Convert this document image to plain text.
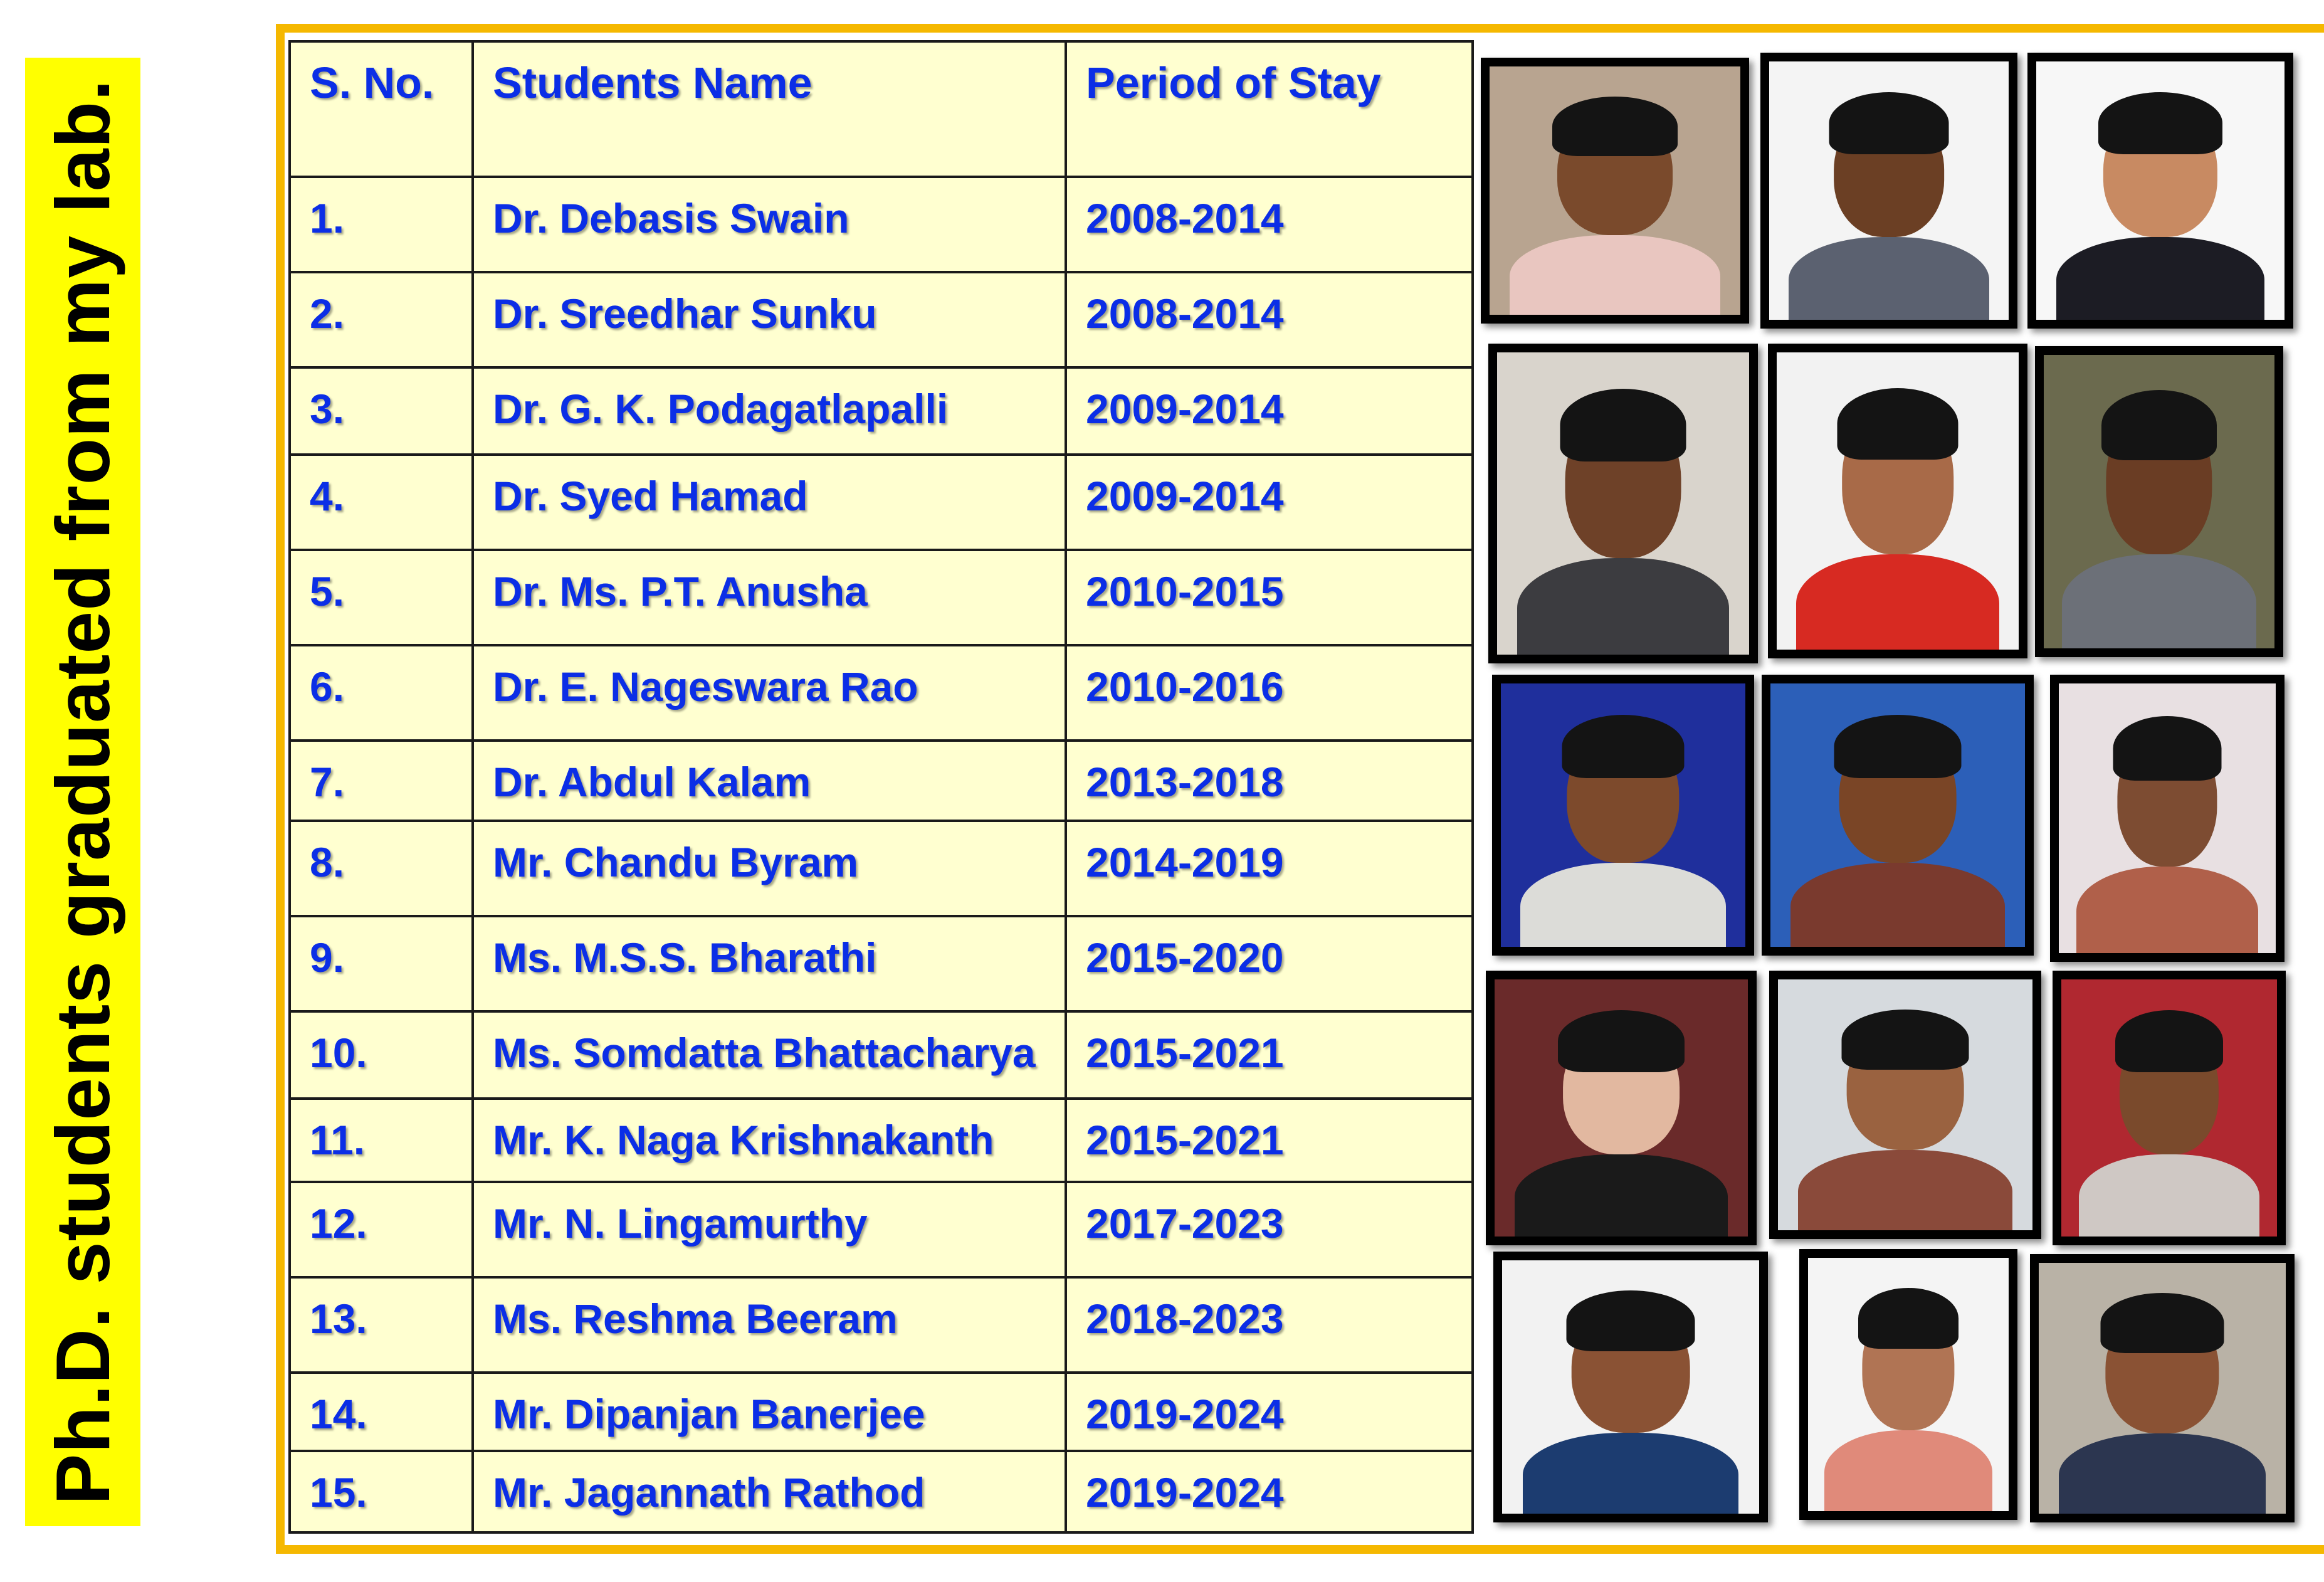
Ph.D. students graduated from my lab.	S. No.	Students Name	Period of Stay
1.	Dr. Debasis Swain	2008-2014
2.	Dr. Sreedhar Sunku	2008-2014
3.	Dr. G. K. Podagatlapalli	2009-2014
4.	Dr. Syed Hamad	2009-2014
5.	Dr. Ms. P.T. Anusha	2010-2015
6.	Dr. E. Nageswara Rao	2010-2016
7.	Dr. Abdul Kalam	2013-2018
8.	Mr. Chandu Byram	2014-2019
9.	Ms. M.S.S. Bharathi	2015-2020
10.	Ms. Somdatta Bhattacharya	2015-2021
11.	Mr. K. Naga Krishnakanth	2015-2021
12.	Mr. N. Lingamurthy	2017-2023
13.	Ms. Reshma Beeram	2018-2023
14.	Mr. Dipanjan Banerjee	2019-2024
15.	Mr. Jagannath Rathod	2019-2024
